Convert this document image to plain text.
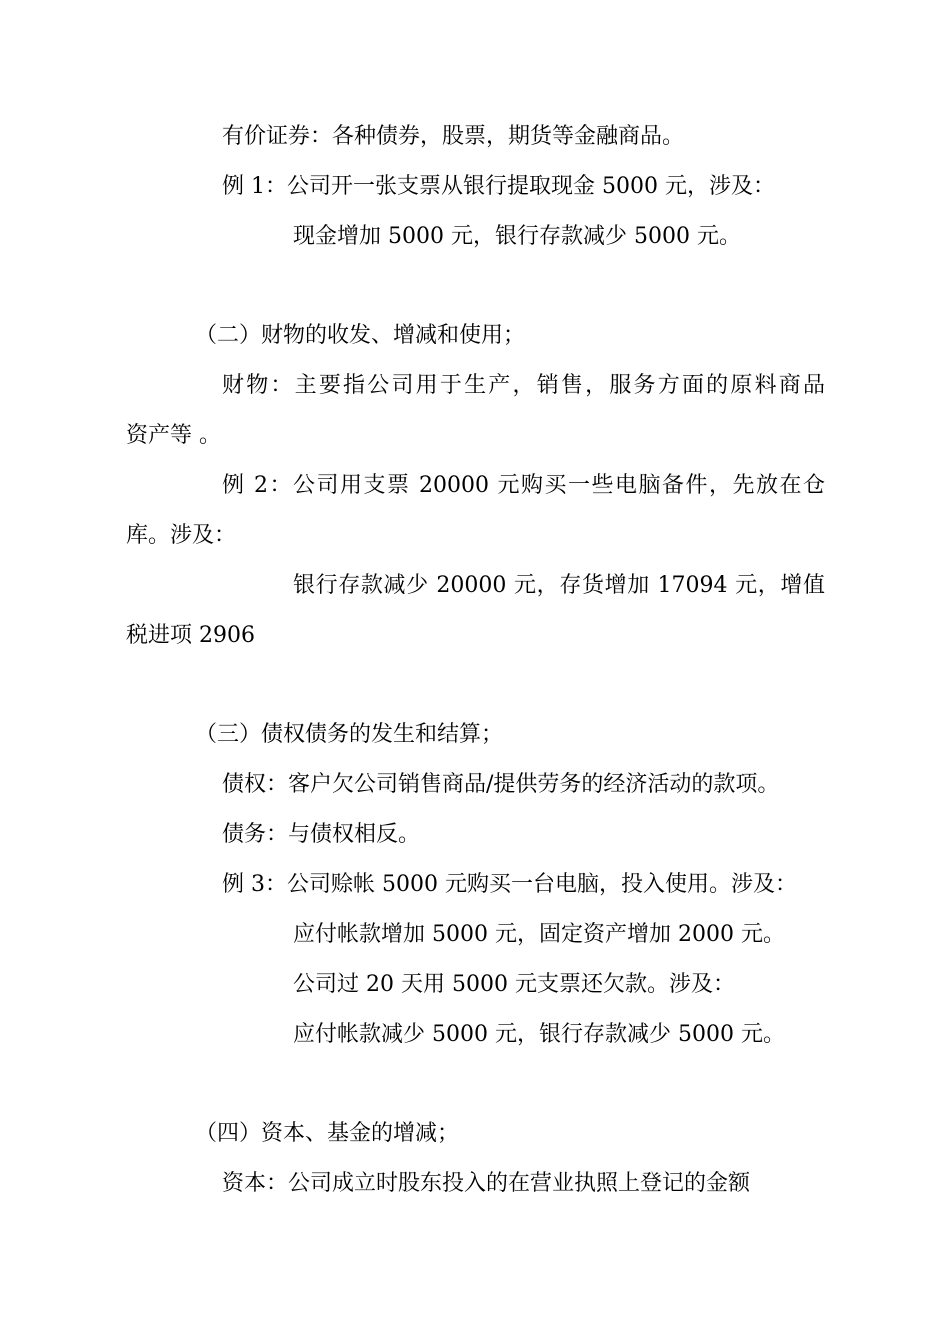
有价证券：各种债券，股票，期货等金融商品。

例 1：公司开一张支票从银行提取现金 5000 元，涉及：

现金增加 5000 元，银行存款减少 5000 元。

（二）财物的收发、增减和使用；

财物：主要指公司用于生产，销售，服务方面的原料商品

资产等 。

例 2：公司用支票 20000 元购买一些电脑备件，先放在仓

库。涉及：

银行存款减少 20000 元，存货增加 17094 元，增值

税进项 2906

（三）债权债务的发生和结算；

债权：客户欠公司销售商品/提供劳务的经济活动的款项。

债务：与债权相反。

例 3：公司赊帐 5000 元购买一台电脑，投入使用。涉及：

应付帐款增加 5000 元，固定资产增加 2000 元。

公司过 20 天用 5000 元支票还欠款。涉及：

应付帐款减少 5000 元，银行存款减少 5000 元。

（四）资本、基金的增减；

资本：公司成立时股东投入的在营业执照上登记的金额
